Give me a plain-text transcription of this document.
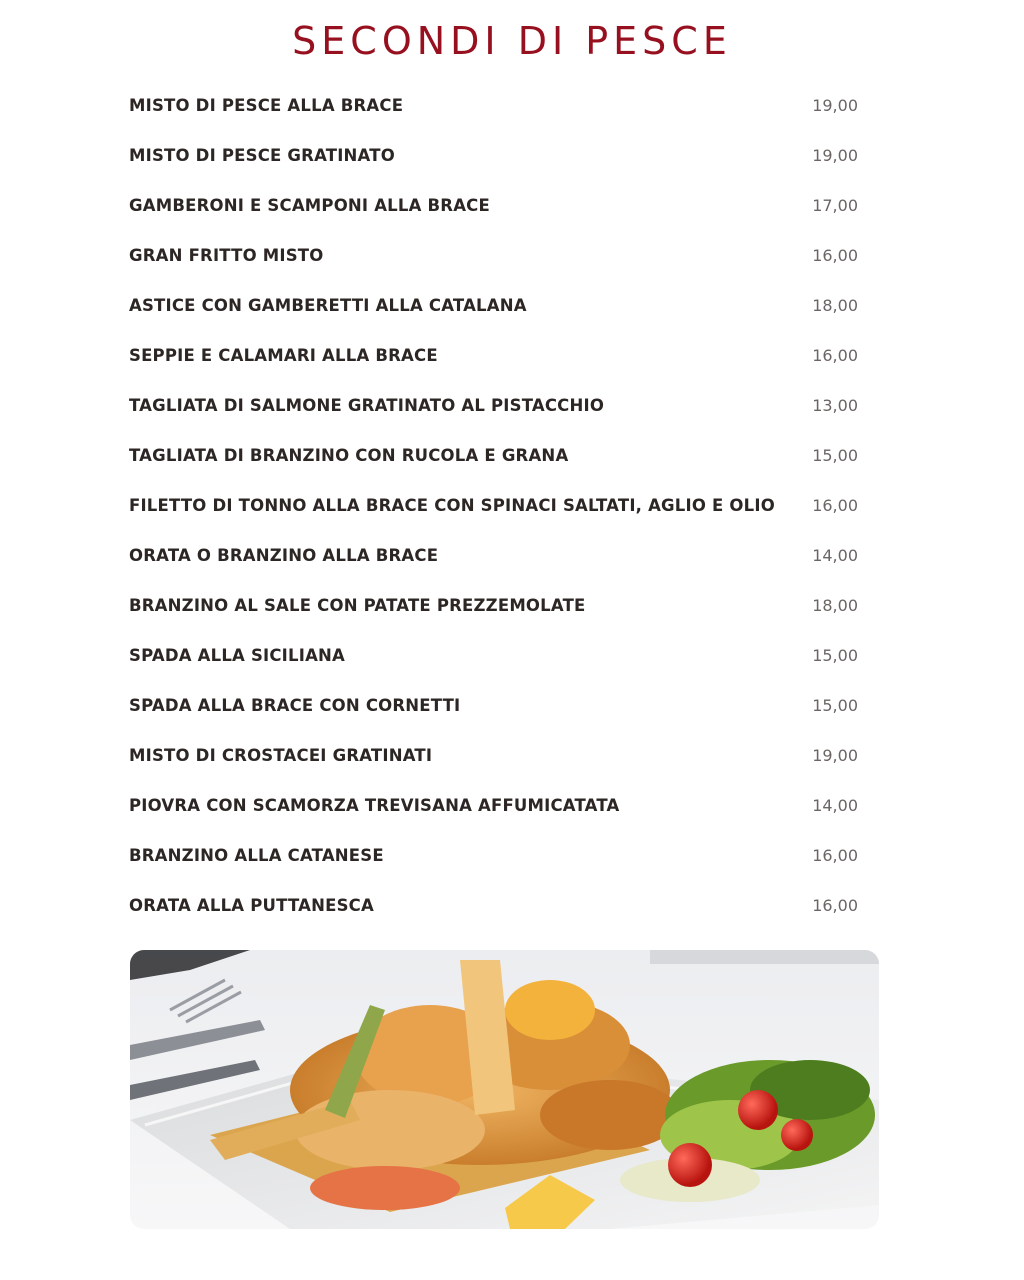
SECONDI DI PESCE
MISTO DI PESCE ALLA BRACE	19,00
MISTO DI PESCE GRATINATO	19,00
GAMBERONI E SCAMPONI ALLA BRACE	17,00
GRAN FRITTO MISTO	16,00
ASTICE CON GAMBERETTI ALLA CATALANA	18,00
SEPPIE E CALAMARI ALLA BRACE	16,00
TAGLIATA DI SALMONE GRATINATO AL PISTACCHIO	13,00
TAGLIATA DI BRANZINO CON RUCOLA E GRANA	15,00
FILETTO DI TONNO ALLA BRACE CON SPINACI SALTATI, AGLIO E OLIO 16,00
ORATA O BRANZINO ALLA BRACE	14,00
BRANZINO AL SALE CON PATATE PREZZEMOLATE	18,00
SPADA ALLA SICILIANA	15,00
SPADA ALLA BRACE CON CORNETTI	15,00
MISTO DI CROSTACEI GRATINATI	19,00
PIOVRA CON SCAMORZA TREVISANA AFFUMICATATA	14,00
BRANZINO ALLA CATANESE	16,00
ORATA ALLA PUTTANESCA	16,00
